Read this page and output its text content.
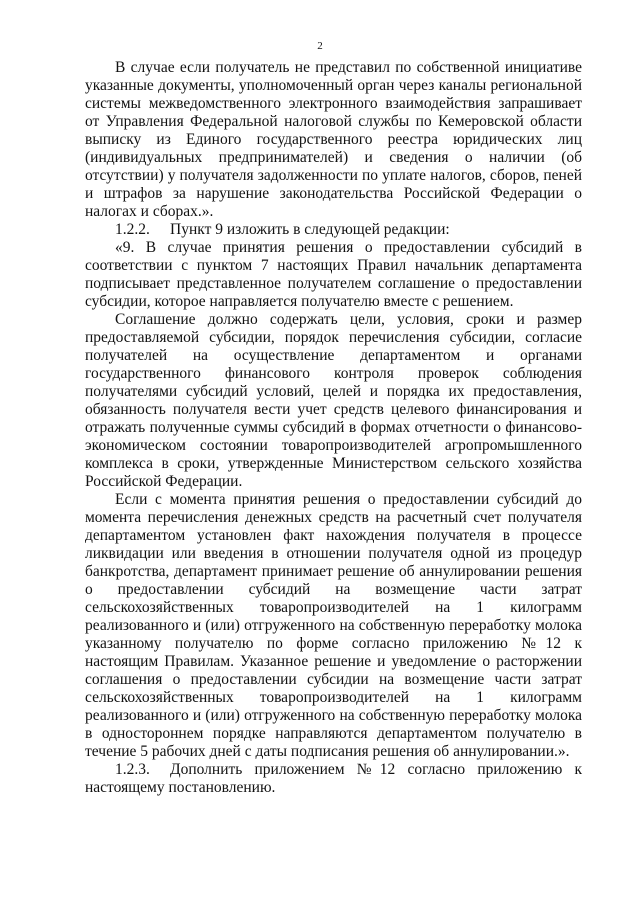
2

В случае если получатель не представил по собственной инициативе указанные документы, уполномоченный орган через каналы региональной системы межведомственного электронного взаимодействия запрашивает от Управления Федеральной налоговой службы по Кемеровской области выписку из Единого государственного реестра юридических лиц (индивидуальных предпринимателей) и сведения о наличии (об отсутствии) у получателя задолженности по уплате налогов, сборов, пеней и штрафов за нарушение законодательства Российской Федерации о налогах и сборах.».

1.2.2. Пункт 9 изложить в следующей редакции:

«9. В случае принятия решения о предоставлении субсидий в соответствии с пунктом 7 настоящих Правил начальник департамента подписывает представленное получателем соглашение о предоставлении субсидии, которое направляется получателю вместе с решением.

Соглашение должно содержать цели, условия, сроки и размер предоставляемой субсидии, порядок перечисления субсидии, согласие получателей на осуществление департаментом и органами государственного финансового контроля проверок соблюдения получателями субсидий условий, целей и порядка их предоставления, обязанность получателя вести учет средств целевого финансирования и отражать полученные суммы субсидий в формах отчетности о финансово-экономическом состоянии товаропроизводителей агропромышленного комплекса в сроки, утвержденные Министерством сельского хозяйства Российской Федерации.

Если с момента принятия решения о предоставлении субсидий до момента перечисления денежных средств на расчетный счет получателя департаментом установлен факт нахождения получателя в процессе ликвидации или введения в отношении получателя одной из процедур банкротства, департамент принимает решение об аннулировании решения о предоставлении субсидий на возмещение части затрат сельскохозяйственных товаропроизводителей на 1 килограмм реализованного и (или) отгруженного на собственную переработку молока указанному получателю по форме согласно приложению №12 к настоящим Правилам. Указанное решение и уведомление о расторжении соглашения о предоставлении субсидии на возмещение части затрат сельскохозяйственных товаропроизводителей на 1 килограмм реализованного и (или) отгруженного на собственную переработку молока в одностороннем порядке направляются департаментом получателю в течение 5 рабочих дней с даты подписания решения об аннулировании.».

1.2.3. Дополнить приложением №12 согласно приложению к настоящему постановлению.
